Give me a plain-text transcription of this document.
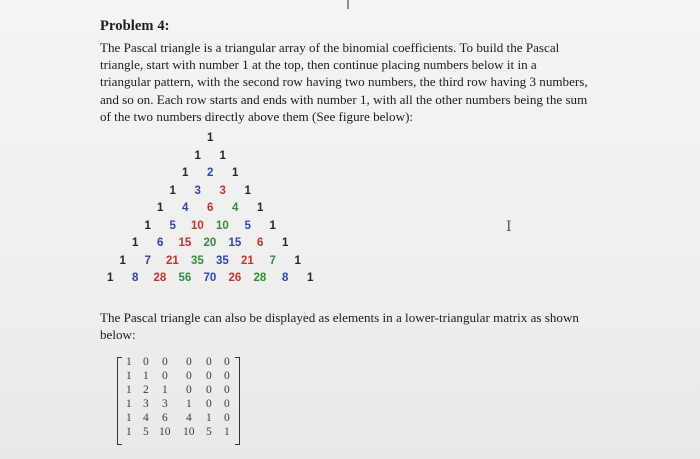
Problem 4:

The Pascal triangle is a triangular array of the binomial coefficients. To build the Pascal triangle, start with number 1 at the top, then continue placing numbers below it in a triangular pattern, with the second row having two numbers, the third row having 3 numbers, and so on. Each row starts and ends with number 1, with all the other numbers being the sum of the two numbers directly above them (See figure below):

1
1 1
1 2 1
1 3 3 1
1 4 6 4 1
1 5 10 10 5 1
1 6 15 20 15 6 1
1 7 21 35 35 21 7 1
1 8 28 56 70 26 28 8 1
I

The Pascal triangle can also be displayed as elements in a lower-triangular matrix as shown below:

1 0 0 0 0 0
1 1 0 0 0 0
1 2 1 0 0 0
1 3 3 1 0 0
1 4 6 4 1 0
1 5 10 10 5 1
